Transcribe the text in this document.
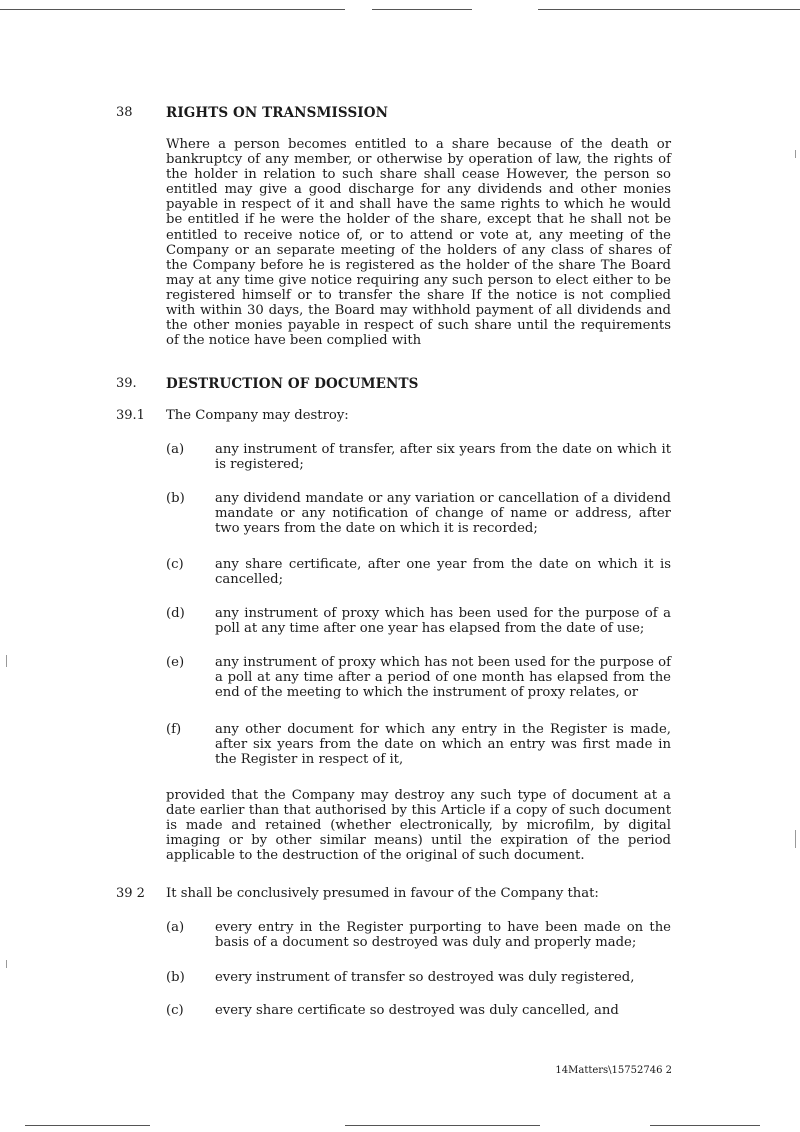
38 RIGHTS ON TRANSMISSION

Where a person becomes entitled to a share because of the death or bankruptcy of any member, or otherwise by operation of law, the rights of the holder in relation to such share shall cease However, the person so entitled may give a good discharge for any dividends and other monies payable in respect of it and shall have the same rights to which he would be entitled if he were the holder of the share, except that he shall not be entitled to receive notice of, or to attend or vote at, any meeting of the Company or an separate meeting of the holders of any class of shares of the Company before he is registered as the holder of the share The Board may at any time give notice requiring any such person to elect either to be registered himself or to transfer the share If the notice is not complied with within 30 days, the Board may withhold payment of all dividends and the other monies payable in respect of such share until the requirements of the notice have been complied with

39. DESTRUCTION OF DOCUMENTS
39.1 The Company may destroy:
(a) any instrument of transfer, after six years from the date on which it is registered;

(b) any dividend mandate or any variation or cancellation of a dividend mandate or any notification of change of name or address, after two years from the date on which it is recorded;

(c) any share certificate, after one year from the date on which it is cancelled;

(d) any instrument of proxy which has been used for the purpose of a poll at any time after one year has elapsed from the date of use;

(e) any instrument of proxy which has not been used for the purpose of a poll at any time after a period of one month has elapsed from the end of the meeting to which the instrument of proxy relates, or

(f)	any other document for which any entry in the Register is made, after six years from the date on which an entry was first made in the Register in respect of it,

provided that the Company may destroy any such type of document at a date earlier than that authorised by this Article if a copy of such document is made and retained (whether electronically, by microfilm, by digital imaging or by other similar means) until the expiration of the period applicable to the destruction of the original of such document.

39 2 It shall be conclusively presumed in favour of the Company that:
(a) every entry in the Register purporting to have been made on the basis of a document so destroyed was duly and properly made;

(b) every instrument of transfer so destroyed was duly registered,

(c) every share certificate so destroyed was duly cancelled, and

14Matters\15752746 2
